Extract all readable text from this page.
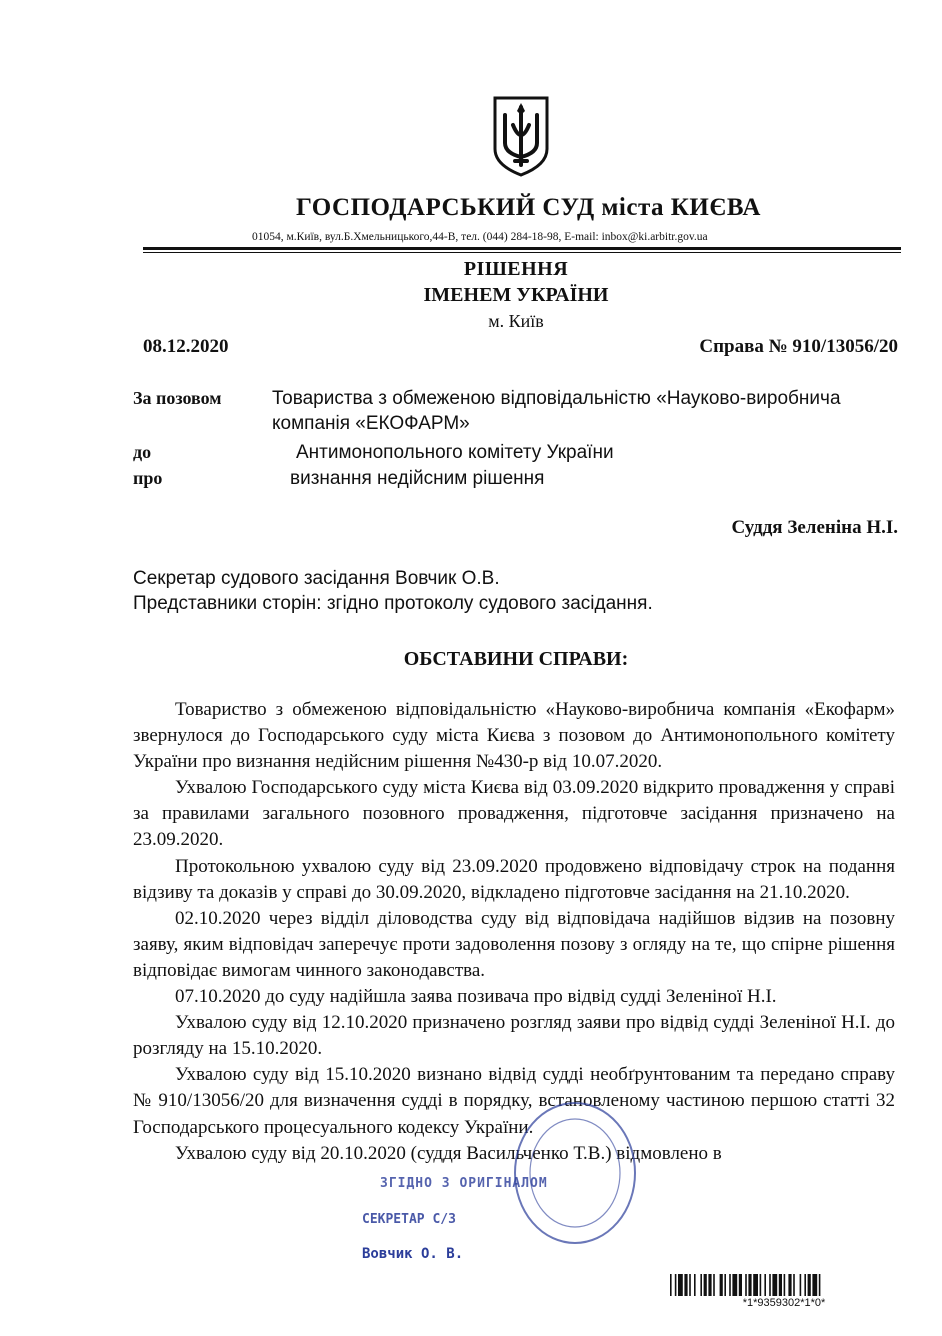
ГОСПОДАРСЬКИЙ СУД міста КИЄВА
01054, м.Київ, вул.Б.Хмельницького,44-В, тел. (044) 284-18-98, E-mail: inbox@ki.arbitr.gov.ua
РІШЕННЯ
ІМЕНЕМ УКРАЇНИ
м. Київ
08.12.2020	Справа № 910/13056/20
За позовом	Товариства з обмеженою відповідальністю «Науково-виробнича
компанія «ЕКОФАРМ»
до	Антимонопольного комітету України
про	визнання недійсним рішення
Суддя Зеленіна Н.І.
Секретар судового засідання Вовчик О.В.
Представники сторін: згідно протоколу судового засідання.
ОБСТАВИНИ СПРАВИ:

Товариство з обмеженою відповідальністю «Науково-виробнича компанія «Екофарм» звернулося до Господарського суду міста Києва з позовом до Антимонопольного комітету України про визнання недійсним рішення №430-р від 10.07.2020.

Ухвалою Господарського суду міста Києва від 03.09.2020 відкрито провадження у справі за правилами загального позовного провадження, підготовче засідання призначено на 23.09.2020.

Протокольною ухвалою суду від 23.09.2020 продовжено відповідачу строк на подання відзиву та доказів у справі до 30.09.2020, відкладено підготовче засідання на 21.10.2020.

02.10.2020 через відділ діловодства суду від відповідача надійшов відзив на позовну заяву, яким відповідач заперечує проти задоволення позову з огляду на те, що спірне рішення відповідає вимогам чинного законодавства.

07.10.2020 до суду надійшла заява позивача про відвід судді Зеленіної Н.І.

Ухвалою суду від 12.10.2020 призначено розгляд заяви про відвід судді Зеленіної Н.І. до розгляду на 15.10.2020.

Ухвалою суду від 15.10.2020 визнано відвід судді необґрунтованим та передано справу № 910/13056/20 для визначення судді в порядку, встановленому частиною першою статті 32 Господарського процесуального кодексу України.

Ухвалою суду від 20.10.2020 (суддя Васильченко Т.В.) відмовлено в

ЗГІДНО З ОРИГІНАЛОМ
СЕКРЕТАР С/З
Вовчик О. В.
*1*9359302*1*0*
